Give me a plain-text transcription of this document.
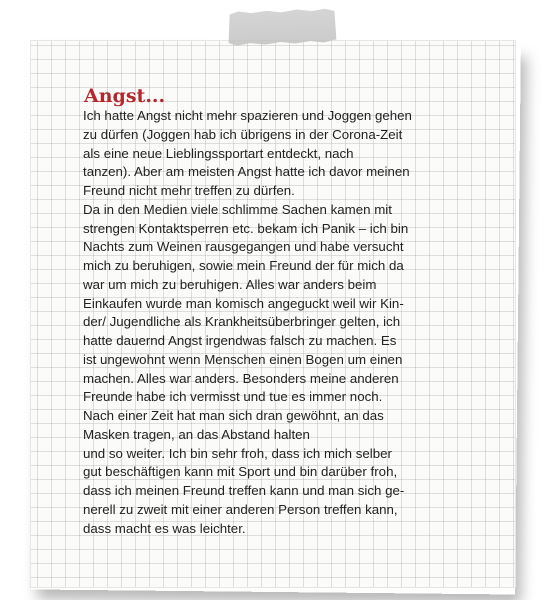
Angst...
Ich hatte Angst nicht mehr spazieren und Joggen gehen
zu dürfen (Joggen hab ich übrigens in der Corona-Zeit
als eine neue Lieblingssportart entdeckt, nach
tanzen). Aber am meisten Angst hatte ich davor meinen
Freund nicht mehr treffen zu dürfen.
Da in den Medien viele schlimme Sachen kamen mit
strengen Kontaktsperren etc. bekam ich Panik – ich bin
Nachts zum Weinen rausgegangen und habe versucht
mich zu beruhigen, sowie mein Freund der für mich da
war um mich zu beruhigen. Alles war anders beim
Einkaufen wurde man komisch angeguckt weil wir Kin-
der/ Jugendliche als Krankheitsüberbringer gelten, ich
hatte dauernd Angst irgendwas falsch zu machen. Es
ist ungewohnt wenn Menschen einen Bogen um einen
machen. Alles war anders. Besonders meine anderen
Freunde habe ich vermisst und tue es immer noch.
Nach einer Zeit hat man sich dran gewöhnt, an das
Masken tragen, an das Abstand halten
und so weiter. Ich bin sehr froh, dass ich mich selber
gut beschäftigen kann mit Sport und bin darüber froh,
dass ich meinen Freund treffen kann und man sich ge-
nerell zu zweit mit einer anderen Person treffen kann,
dass macht es was leichter.
